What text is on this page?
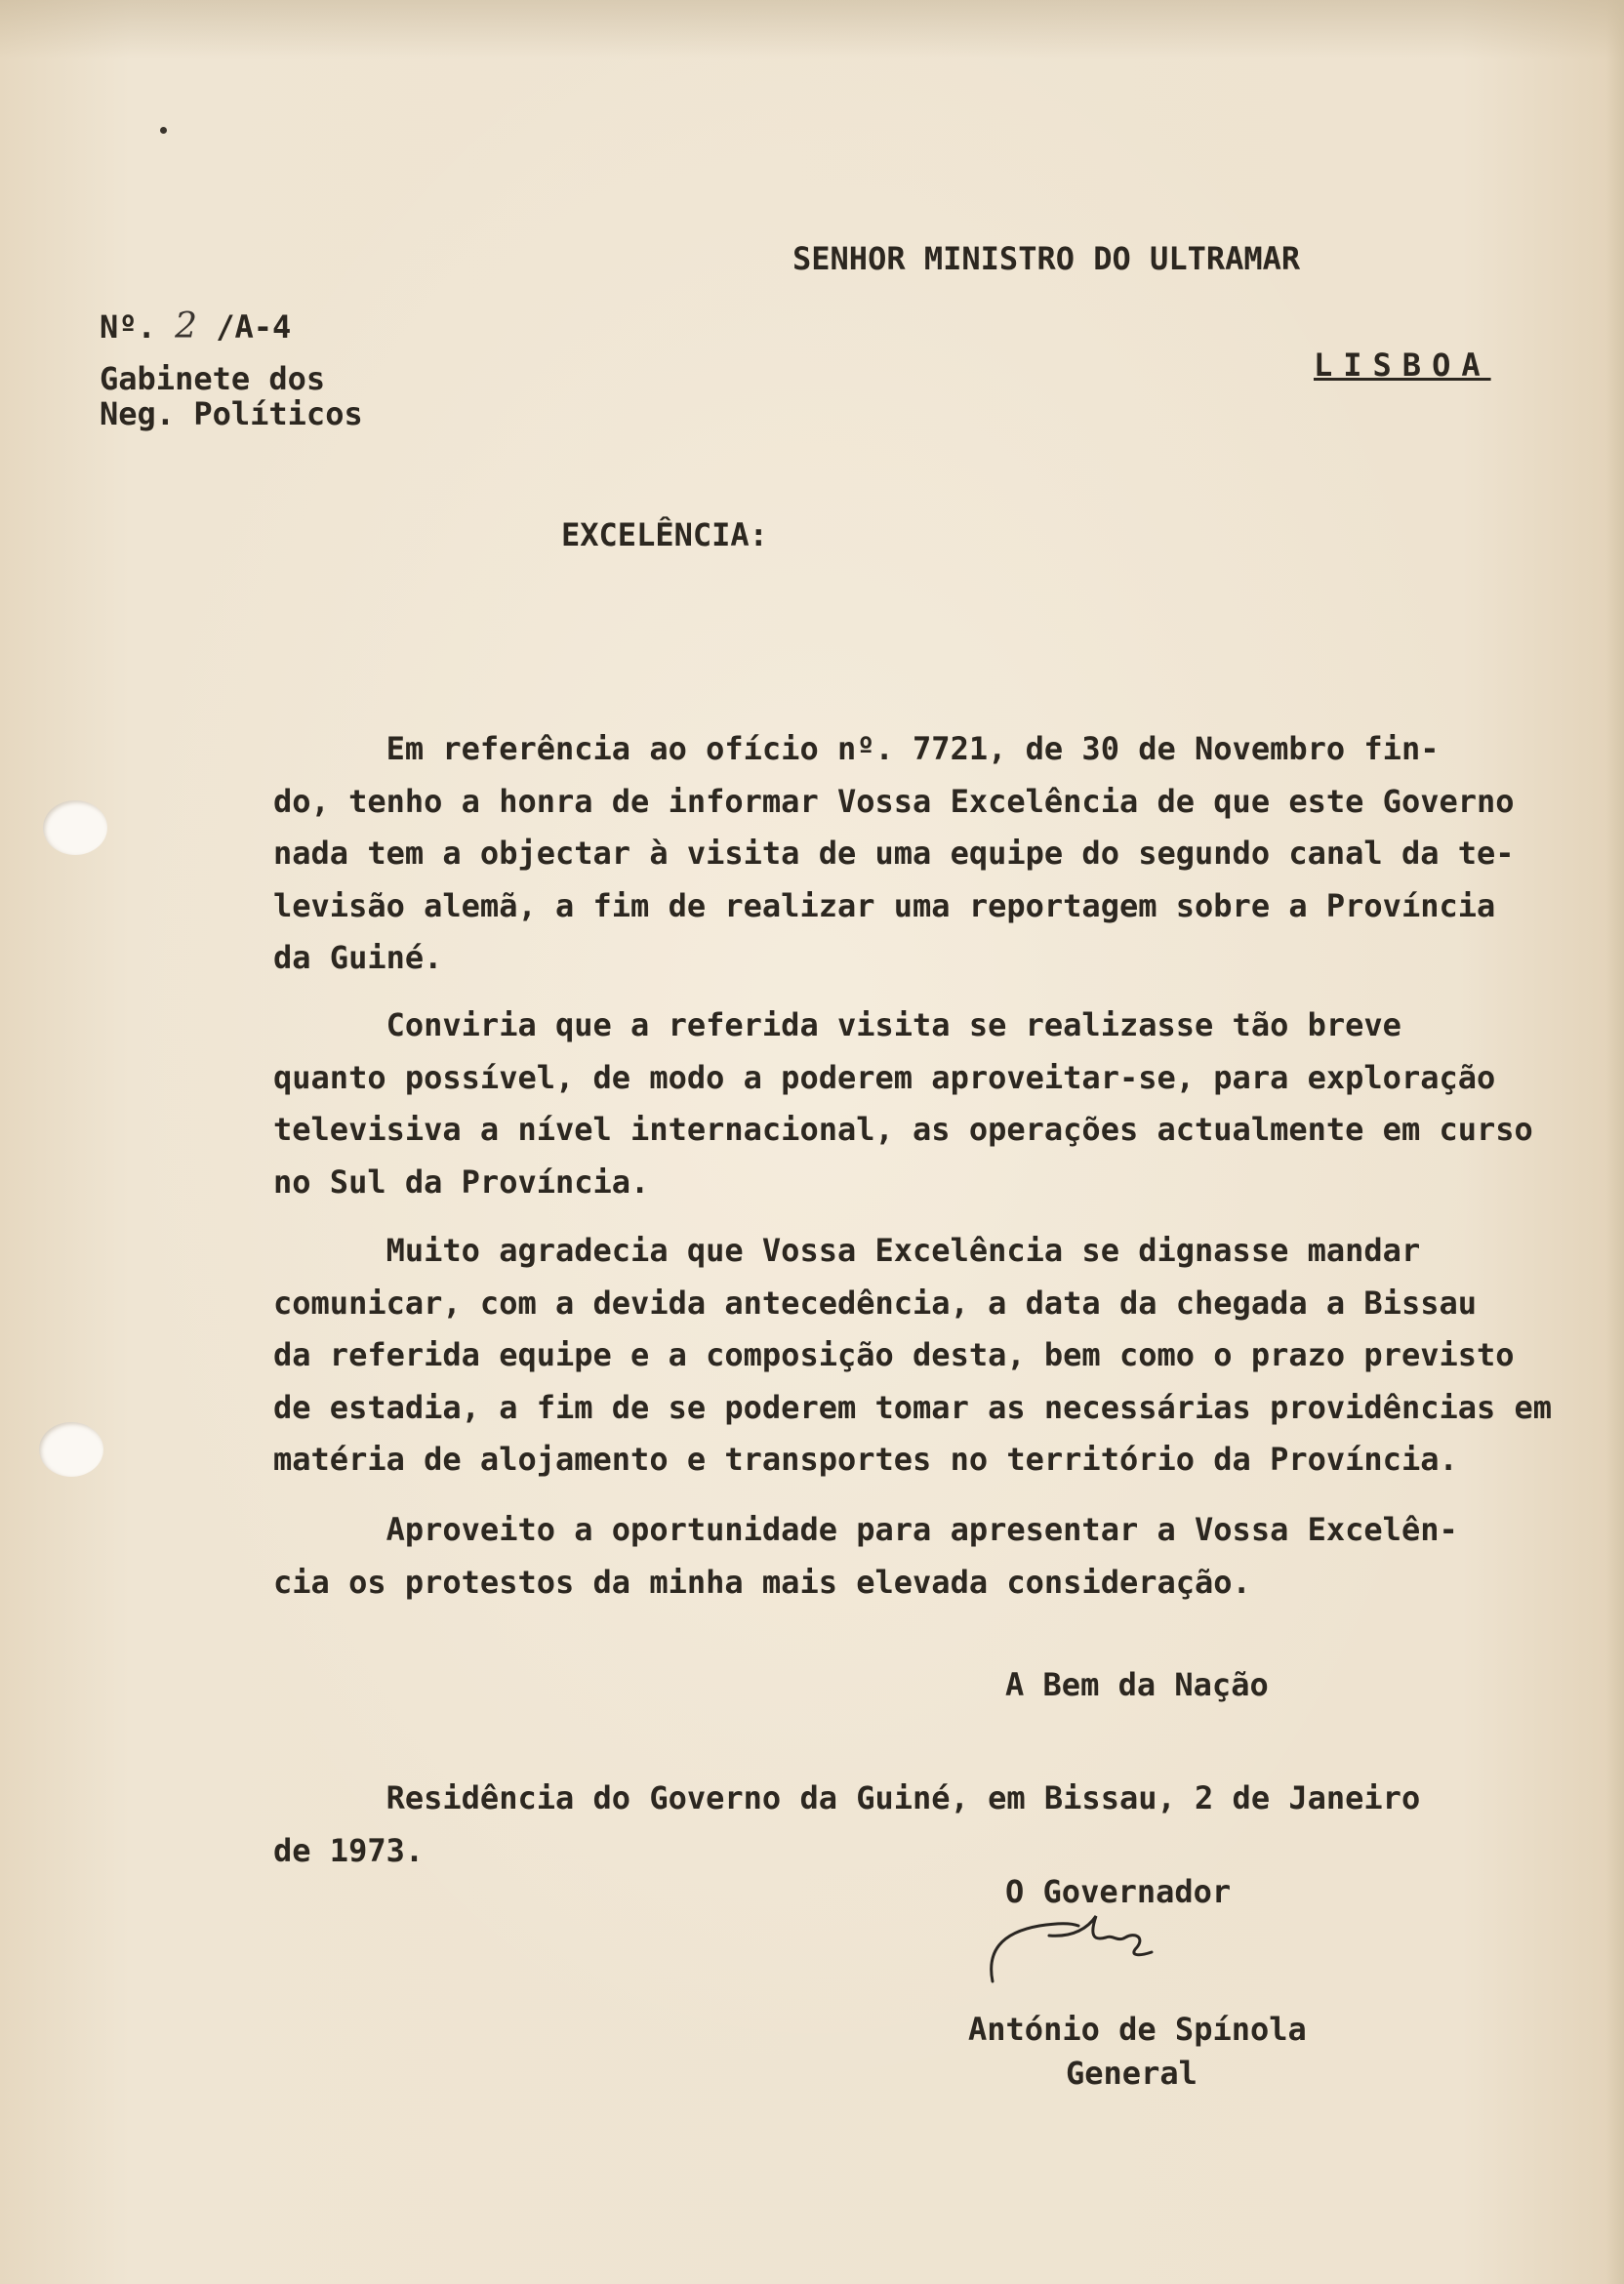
SENHOR MINISTRO DO ULTRAMAR
LISBOA
Nº. 2 /A-4
Gabinete dos
Neg. Políticos
EXCELÊNCIA:
Em referência ao ofício nº. 7721, de 30 de Novembro fin-
do, tenho a honra de informar Vossa Excelência de que este Governo
nada tem a objectar à visita de uma equipe do segundo canal da te-
levisão alemã, a fim de realizar uma reportagem sobre a Província
da Guiné.
Conviria que a referida visita se realizasse tão breve
quanto possível, de modo a poderem aproveitar-se, para exploração
televisiva a nível internacional, as operações actualmente em curso
no Sul da Província.
Muito agradecia que Vossa Excelência se dignasse mandar
comunicar, com a devida antecedência, a data da chegada a Bissau
da referida equipe e a composição desta, bem como o prazo previsto
de estadia, a fim de se poderem tomar as necessárias providências em
matéria de alojamento e transportes no território da Província.
Aproveito a oportunidade para apresentar a Vossa Excelên-
cia os protestos da minha mais elevada consideração.
A Bem da Nação
Residência do Governo da Guiné, em Bissau, 2 de Janeiro
de 1973.
O Governador
António de Spínola
General
